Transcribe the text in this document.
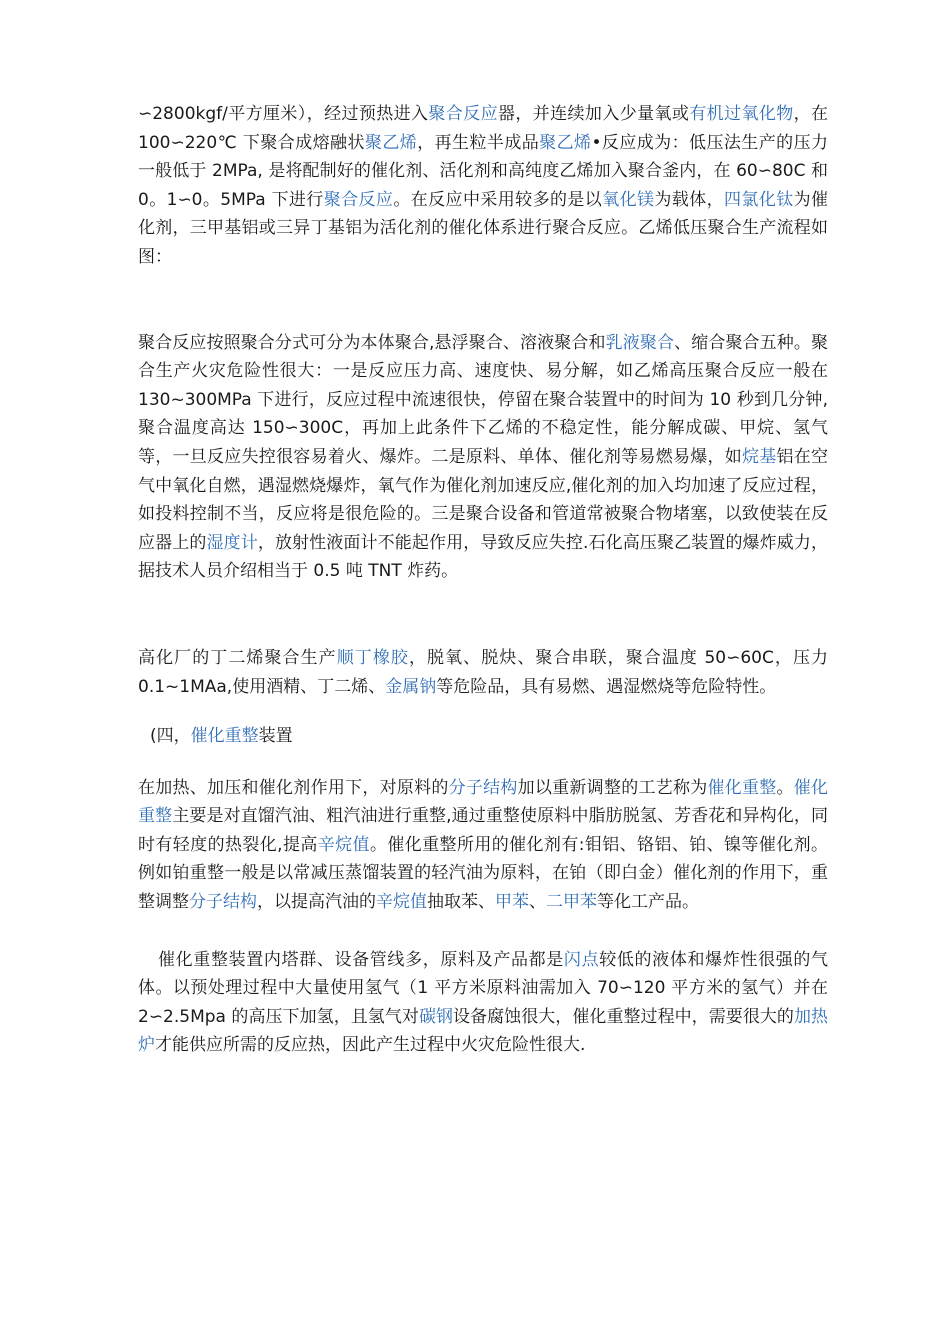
∽2800kgf/平方厘米），经过预热进入聚合反应器，并连续加入少量氧或有机过氧化物，在 100∽220℃ 下聚合成熔融状聚乙烯，再生粒半成品聚乙烯•反应成为：低压法生产的压力一般低于 2MPa, 是将配制好的催化剂、活化剂和高纯度乙烯加入聚合釜内，在 60∽80C 和 0。1∽0。5MPa 下进行聚合反应。在反应中采用较多的是以氧化镁为载体，四氯化钛为催化剂，三甲基铝或三异丁基铝为活化剂的催化体系进行聚合反应。乙烯低压聚合生产流程如图：

聚合反应按照聚合分式可分为本体聚合,悬浮聚合、溶液聚合和乳液聚合、缩合聚合五种。聚合生产火灾危险性很大：一是反应压力高、速度快、易分解，如乙烯高压聚合反应一般在 130~300MPa 下进行，反应过程中流速很快，停留在聚合装置中的时间为 10 秒到几分钟,聚合温度高达 150∽300C，再加上此条件下乙烯的不稳定性，能分解成碳、甲烷、氢气等，一旦反应失控很容易着火、爆炸。二是原料、单体、催化剂等易燃易爆，如烷基铝在空气中氧化自燃，遇湿燃烧爆炸，氧气作为催化剂加速反应,催化剂的加入均加速了反应过程，如投料控制不当，反应将是很危险的。三是聚合设备和管道常被聚合物堵塞，以致使装在反应器上的湿度计，放射性液面计不能起作用，导致反应失控.石化高压聚乙装置的爆炸威力，据技术人员介绍相当于 0.5 吨 TNT 炸药。

高化厂的丁二烯聚合生产顺丁橡胶，脱氧、脱炔、聚合串联，聚合温度 50∽60C，压力 0.1~1MAa,使用酒精、丁二烯、金属钠等危险品，具有易燃、遇湿燃烧等危险特性。

(四，催化重整装置

在加热、加压和催化剂作用下，对原料的分子结构加以重新调整的工艺称为催化重整。催化重整主要是对直馏汽油、粗汽油进行重整,通过重整使原料中脂肪脱氢、芳香花和异构化，同时有轻度的热裂化,提高辛烷值。催化重整所用的催化剂有:钼铝、铬铝、铂、镍等催化剂。例如铂重整一般是以常减压蒸馏装置的轻汽油为原料，在铂（即白金）催化剂的作用下，重整调整分子结构，以提高汽油的辛烷值抽取苯、甲苯、二甲苯等化工产品。

催化重整装置内塔群、设备管线多，原料及产品都是闪点较低的液体和爆炸性很强的气体。以预处理过程中大量使用氢气（1 平方米原料油需加入 70∽120 平方米的氢气）并在 2∽2.5Mpa 的高压下加氢，且氢气对碳钢设备腐蚀很大，催化重整过程中，需要很大的加热炉才能供应所需的反应热，因此产生过程中火灾危险性很大.
